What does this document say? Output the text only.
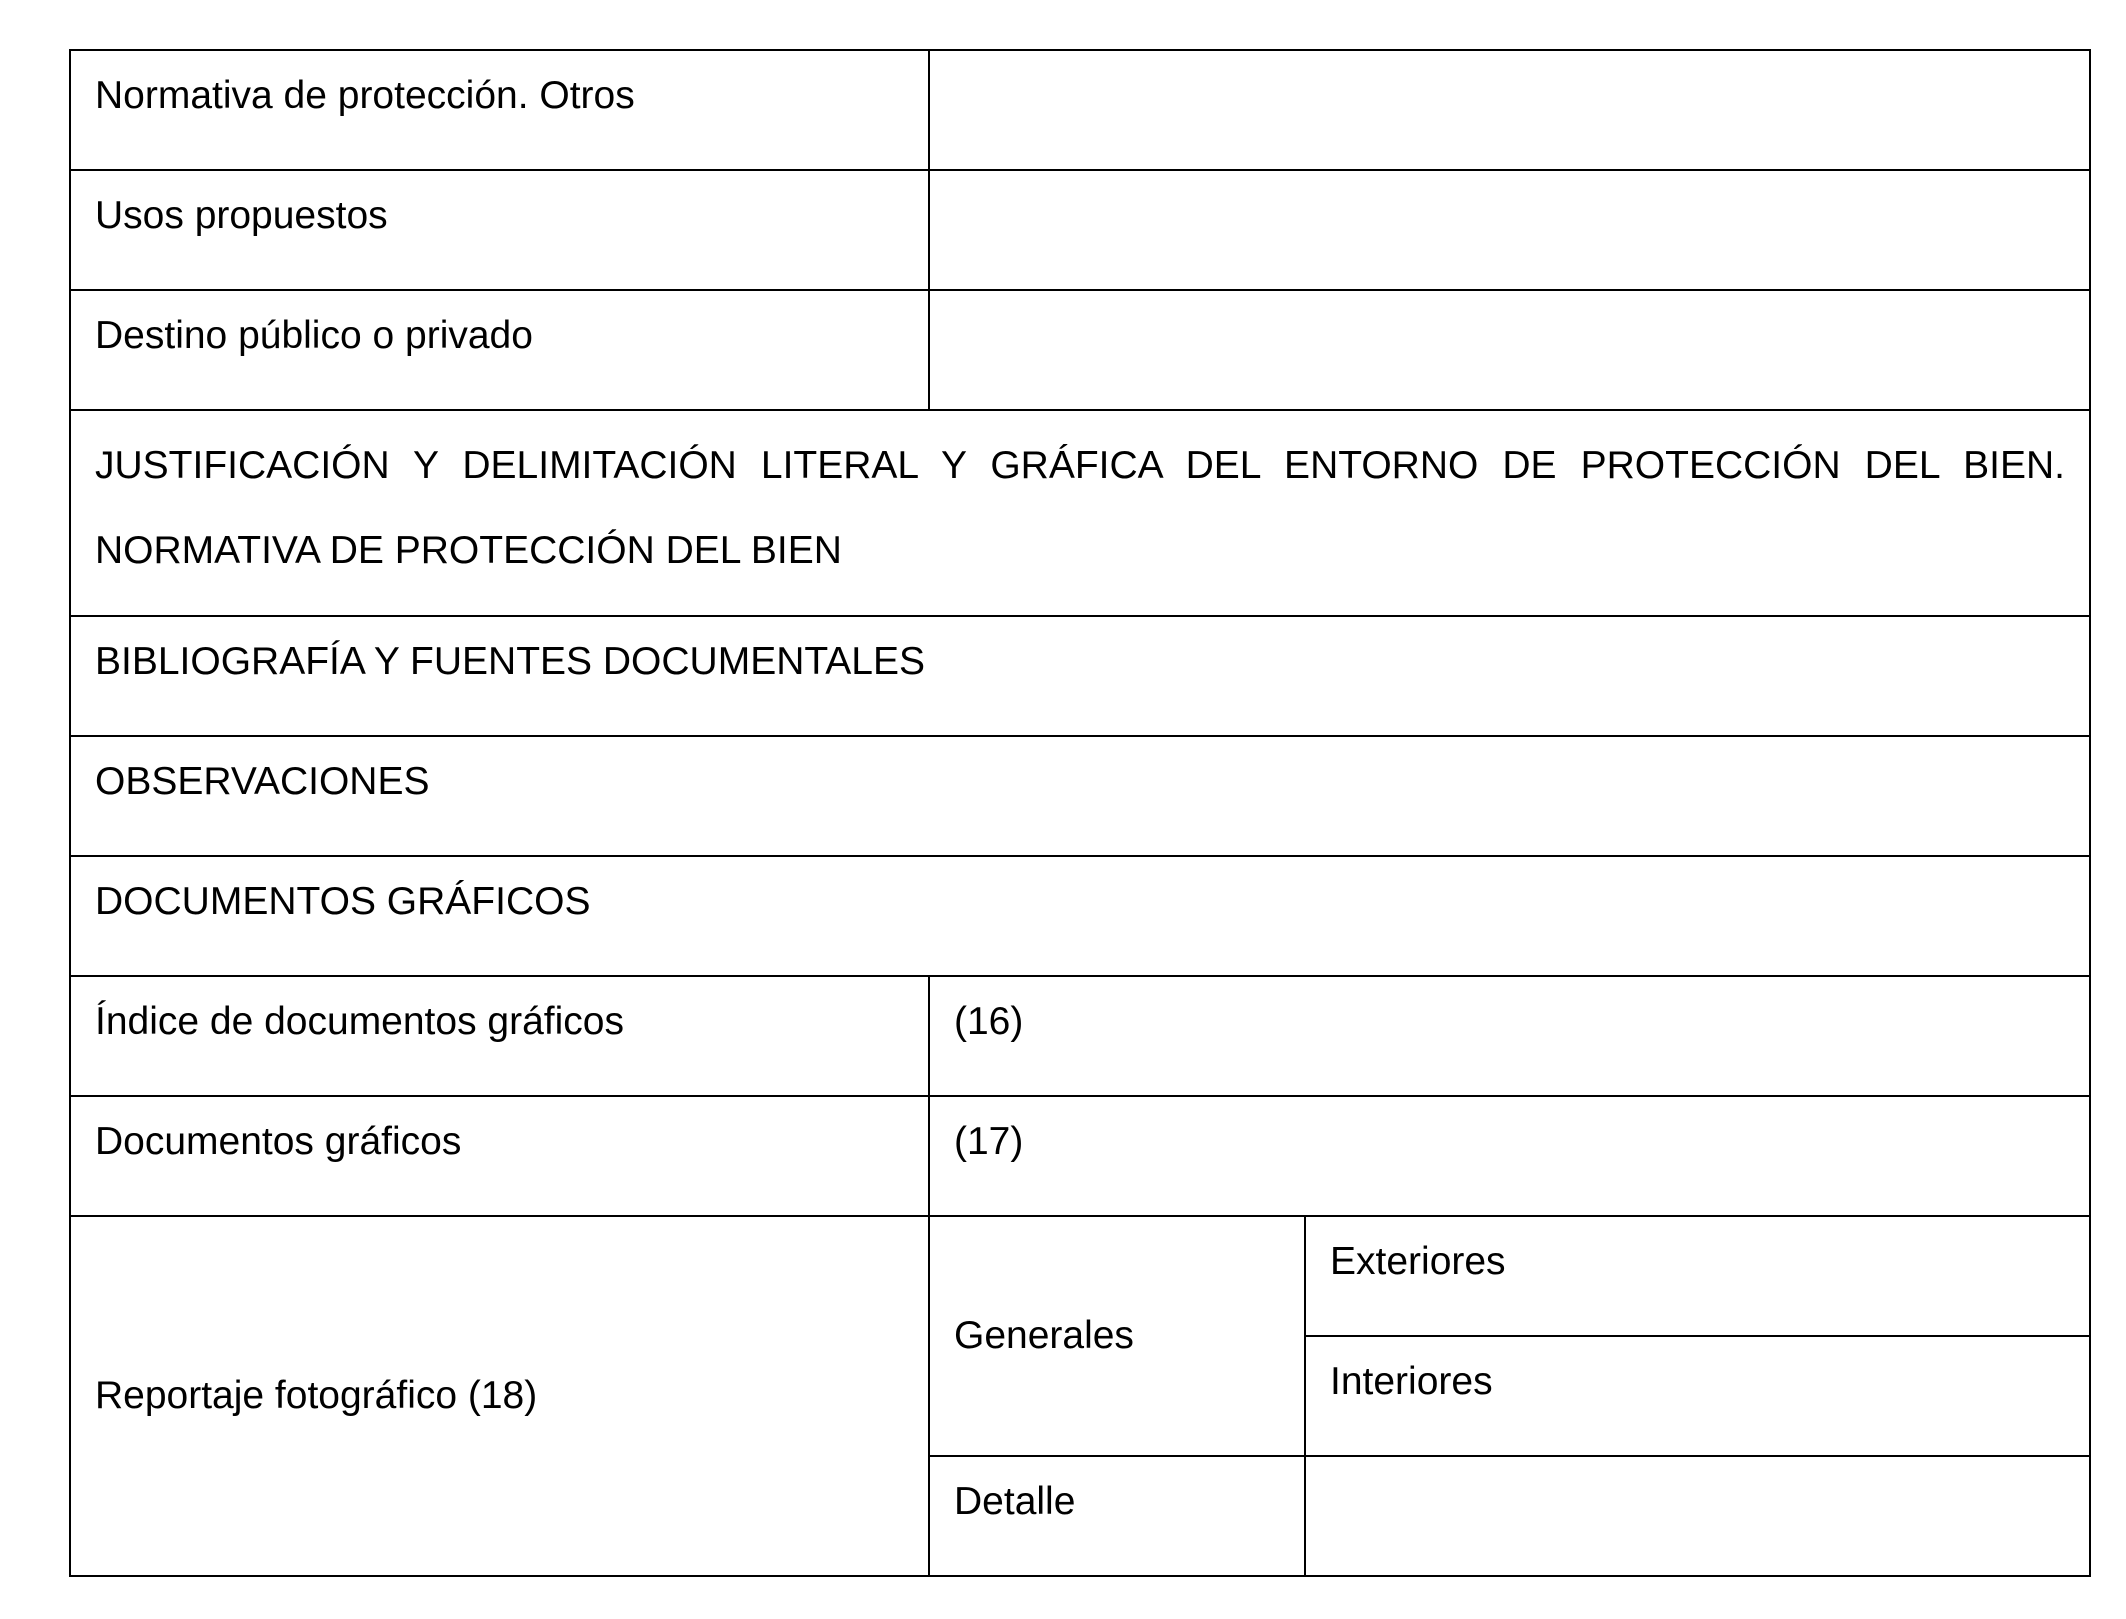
Normativa de protección. Otros		
Usos propuestos		
Destino público o privado		

JUSTIFICACIÓN Y DELIMITACIÓN LITERAL Y GRÁFICA DEL ENTORNO DE PROTECCIÓN DEL BIEN. NORMATIVA DE PROTECCIÓN DEL BIEN		

BIBLIOGRAFÍA Y FUENTES DOCUMENTALES		
OBSERVACIONES		
DOCUMENTOS GRÁFICOS		
Índice de documentos gráficos	(16)	
Documentos gráficos	(17)	
Reportaje fotográfico (18)	Generales	Exteriores
		Interiores
	Detalle	
